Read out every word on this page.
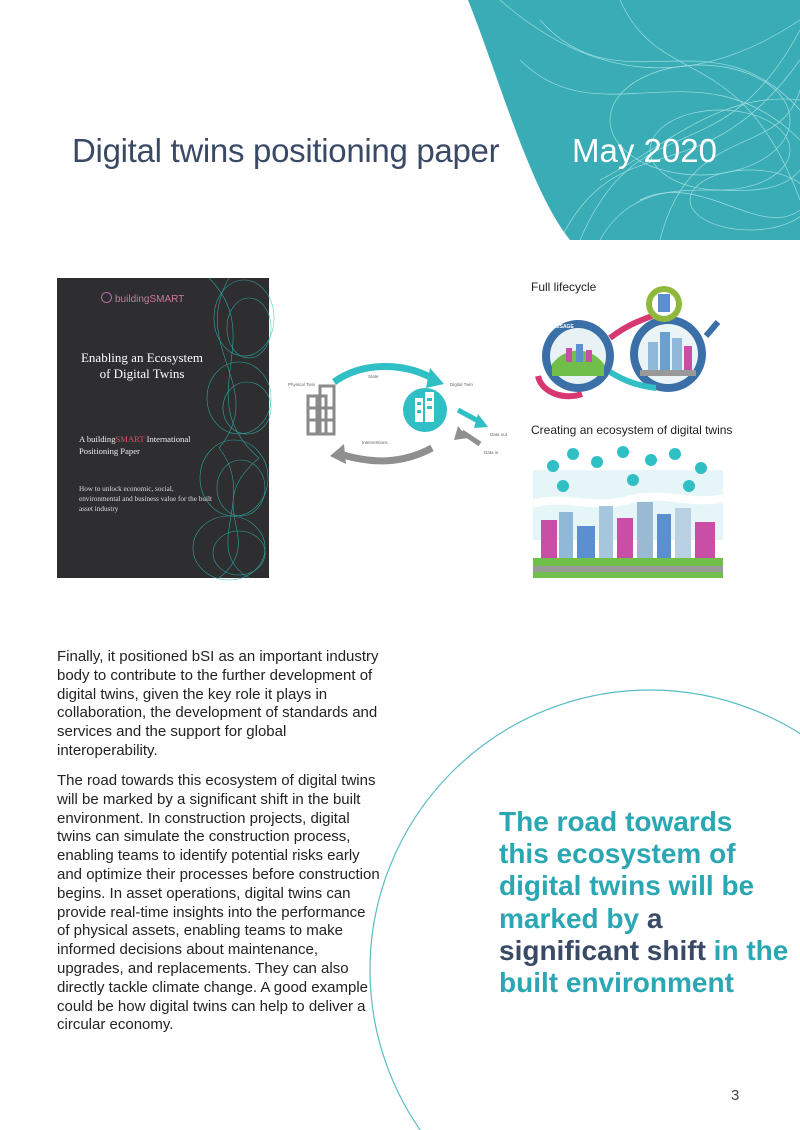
Digital twins positioning paper May 2020
buildingSMART
Enabling an Ecosystem
of Digital Twins
A buildingSMART International
Positioning Paper
How to unlock economic, social, environmental and business value for the built asset industry
Physical Twin	Digital Twin
State
Interventions
Data out
Data in
Full lifecycle
USAGE
OPERATION
Creating an ecosystem of digital twins
Finally, it positioned bSI as an important industry body to contribute to the further development of digital twins, given the key role it plays in collaboration, the development of standards and services and the support for global interoperability.
The road towards this ecosystem of digital twins will be marked by a significant shift in the built environment. In construction projects, digital twins can simulate the construction process, enabling teams to identify potential risks early and optimize their processes before construction begins. In asset operations, digital twins can provide real-time insights into the performance of physical assets, enabling teams to make informed decisions about maintenance, upgrades, and replacements. They can also directly tackle climate change. A good example could be how digital twins can help to deliver a circular economy.
The road towards this ecosystem of digital twins will be marked by a significant shift in the built environment
3
